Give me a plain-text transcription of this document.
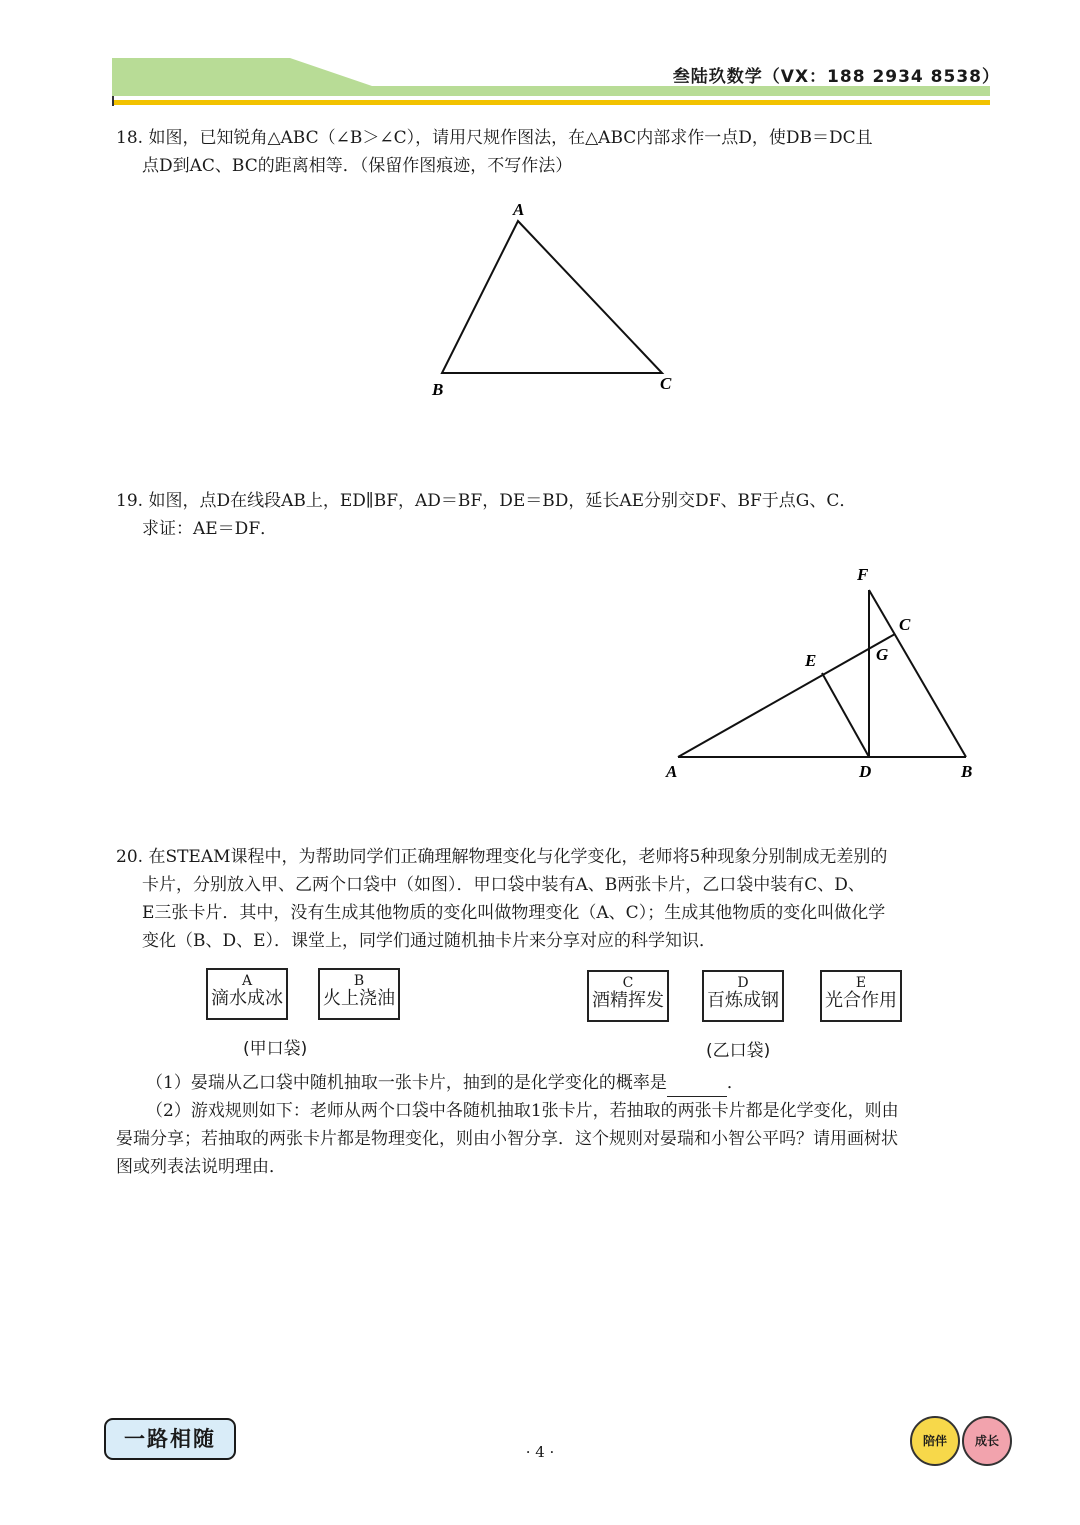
叁陆玖数学（VX：188 2934 8538）

18. 如图，已知锐角△ABC（∠B＞∠C），请用尺规作图法，在△ABC内部求作一点D，使DB＝DC且

点D到AC、BC的距离相等．（保留作图痕迹，不写作法）

A
B	C

19. 如图，点D在线段AB上，ED∥BF，AD＝BF，DE＝BD，延长AE分别交DF、BF于点G、C．

求证：AE＝DF．

F
C
E	G
A	D	B

20. 在STEAM课程中，为帮助同学们正确理解物理变化与化学变化，老师将5种现象分别制成无差别的

卡片，分别放入甲、乙两个口袋中（如图）．甲口袋中装有A、B两张卡片，乙口袋中装有C、D、

E三张卡片．其中，没有生成其他物质的变化叫做物理变化（A、C）；生成其他物质的变化叫做化学

变化（B、D、E）．课堂上，同学们通过随机抽卡片来分享对应的科学知识．

A
滴水成冰
B
火上浇油
C
酒精挥发
D
百炼成钢
E
光合作用
(甲口袋)	(乙口袋)

（1）晏瑞从乙口袋中随机抽取一张卡片，抽到的是化学变化的概率是	．

（2）游戏规则如下：老师从两个口袋中各随机抽取1张卡片，若抽取的两张卡片都是化学变化，则由

晏瑞分享；若抽取的两张卡片都是物理变化，则由小智分享．这个规则对晏瑞和小智公平吗？请用画树状

图或列表法说明理由．

一路相随
· 4 ·
陪伴	成长
